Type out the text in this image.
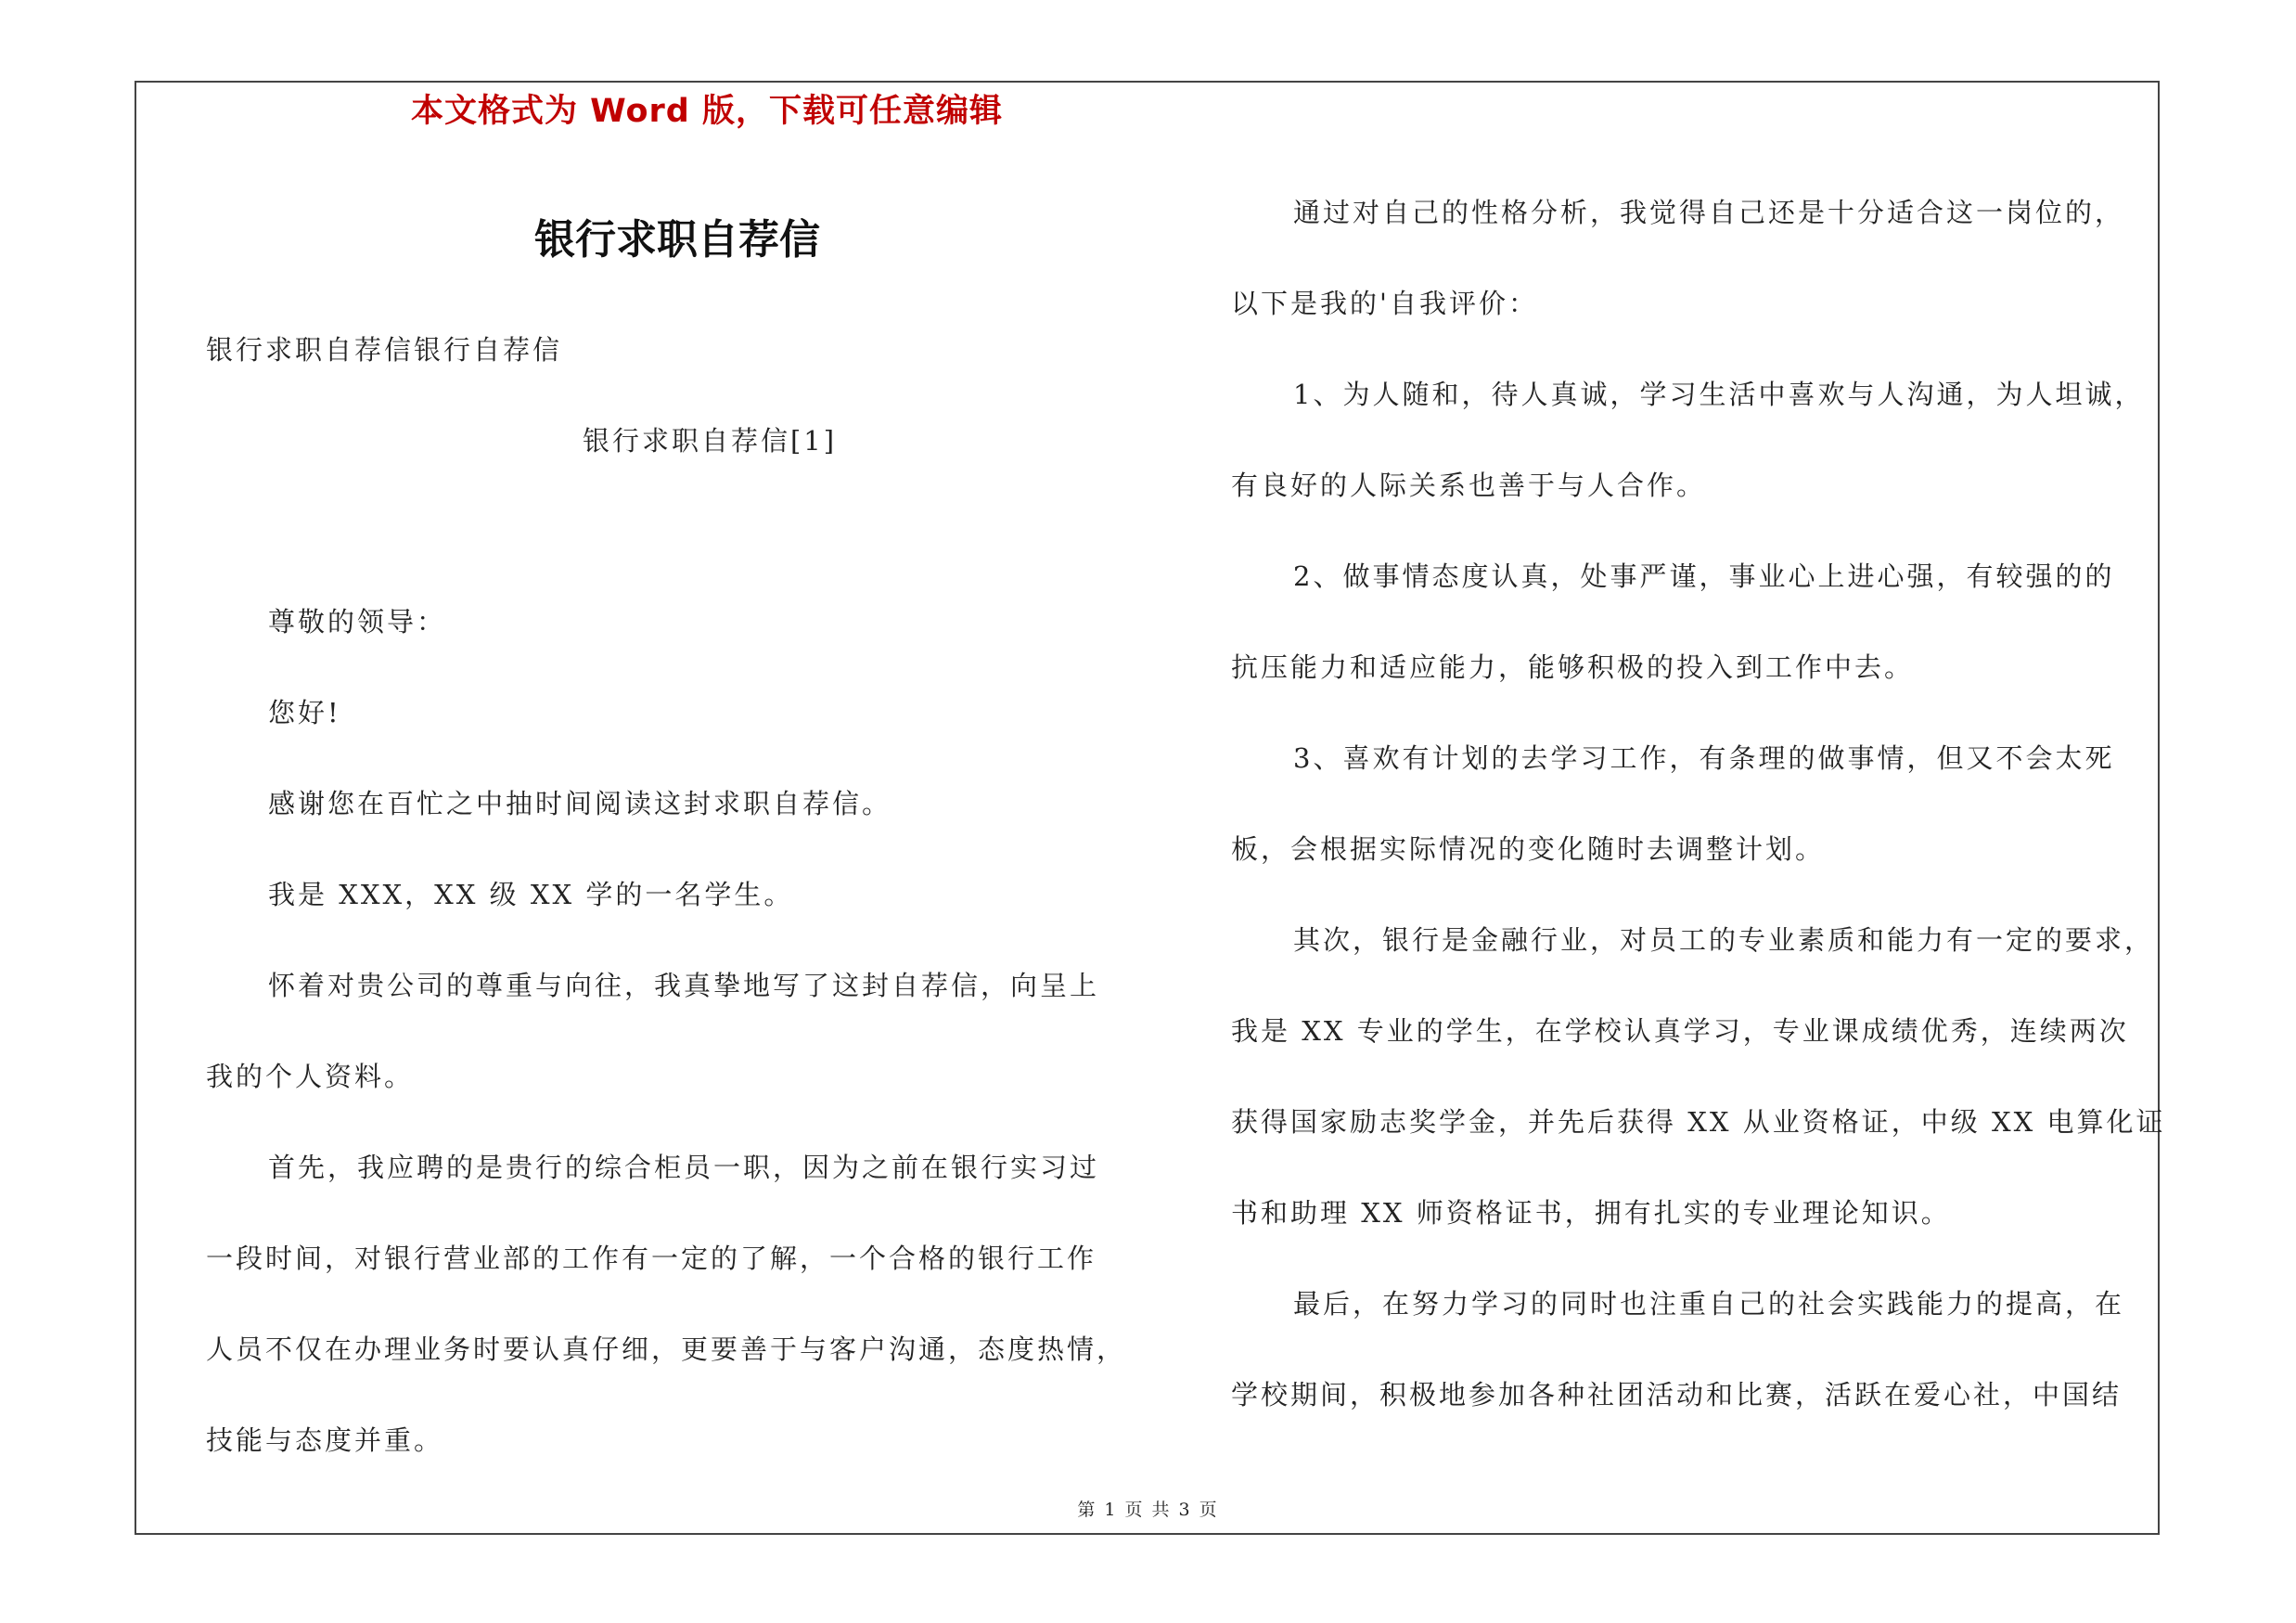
本文格式为 Word 版，下载可任意编辑
银行求职自荐信
银行求职自荐信银行自荐信
银行求职自荐信[1]
尊敬的领导：
您好!
感谢您在百忙之中抽时间阅读这封求职自荐信。
我是 XXX，XX 级 XX 学的一名学生。
怀着对贵公司的尊重与向往，我真挚地写了这封自荐信，向呈上
我的个人资料。
首先，我应聘的是贵行的综合柜员一职，因为之前在银行实习过
一段时间，对银行营业部的工作有一定的了解，一个合格的银行工作
人员不仅在办理业务时要认真仔细，更要善于与客户沟通，态度热情，
技能与态度并重。
通过对自己的性格分析，我觉得自己还是十分适合这一岗位的，
以下是我的'自我评价：
1、为人随和，待人真诚，学习生活中喜欢与人沟通，为人坦诚，
有良好的人际关系也善于与人合作。
2、做事情态度认真，处事严谨，事业心上进心强，有较强的的
抗压能力和适应能力，能够积极的投入到工作中去。
3、喜欢有计划的去学习工作，有条理的做事情，但又不会太死
板，会根据实际情况的变化随时去调整计划。
其次，银行是金融行业，对员工的专业素质和能力有一定的要求，
我是 XX 专业的学生，在学校认真学习，专业课成绩优秀，连续两次
获得国家励志奖学金，并先后获得 XX 从业资格证，中级 XX 电算化证
书和助理 XX 师资格证书，拥有扎实的专业理论知识。
最后，在努力学习的同时也注重自己的社会实践能力的提高，在
学校期间，积极地参加各种社团活动和比赛，活跃在爱心社，中国结
第 1 页 共 3 页
